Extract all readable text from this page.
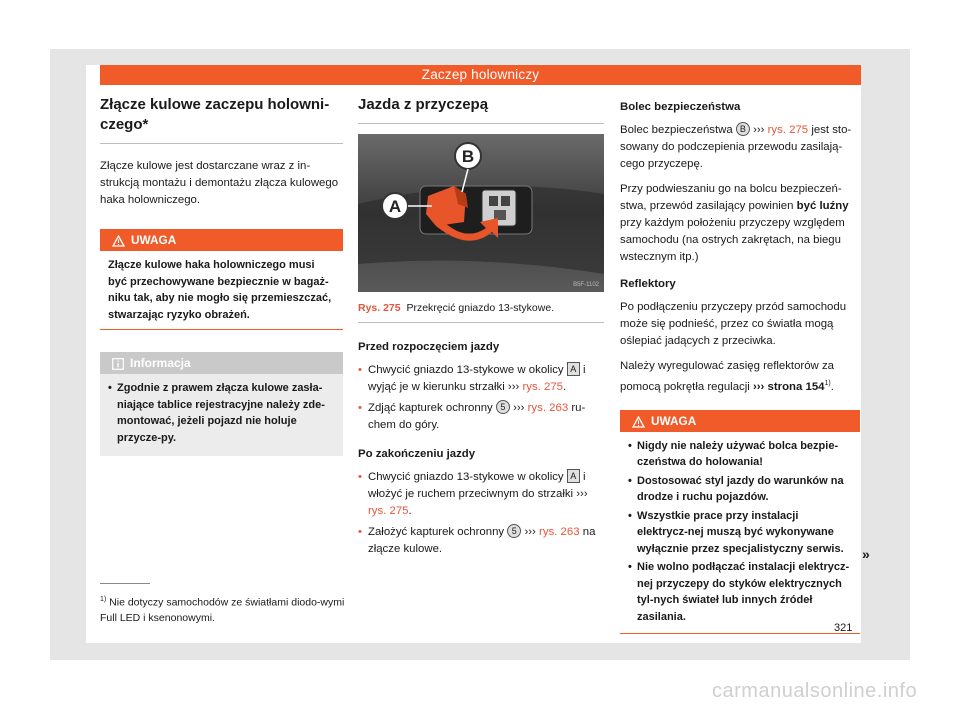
Zaczep holowniczy
Złącze kulowe zaczepu holowni-czego*

Złącze kulowe jest dostarczane wraz z in-strukcją montażu i demontażu złącza kulowego haka holowniczego.

UWAGA
Złącze kulowe haka holowniczego musi być przechowywane bezpiecznie w bagaż-niku tak, aby nie mogło się przemieszczać, stwarzając ryzyko obrażeń.
Informacja
• Zgodnie z prawem złącza kulowe zasła-niające tablice rejestracyjne należy zde-montować, jeżeli pojazd nie holuje przycze-py.
Jazda z przyczepą
B
A
B5F-1102
Rys. 275 Przekręcić gniazdo 13-stykowe.
Przed rozpoczęciem jazdy
• Chwycić gniazdo 13-stykowe w okolicy A i wyjąć je w kierunku strzałki ››› rys. 275.
• Zdjąć kapturek ochronny 5 ››› rys. 263 ru-chem do góry.
Po zakończeniu jazdy
• Chwycić gniazdo 13-stykowe w okolicy A i włożyć je ruchem przeciwnym do strzałki ››› rys. 275.
• Założyć kapturek ochronny 5 ››› rys. 263 na złącze kulowe.
Bolec bezpieczeństwa

Bolec bezpieczeństwa B ››› rys. 275 jest sto-sowany do podczepienia przewodu zasilają-cego przyczepę.

Przy podwieszaniu go na bolcu bezpieczeń-stwa, przewód zasilający powinien być luźny przy każdym położeniu przyczepy względem samochodu (na ostrych zakrętach, na biegu wstecznym itp.)

Reflektory

Po podłączeniu przyczepy przód samochodu może się podnieść, przez co światła mogą oślepiać jadących z przeciwka.

Należy wyregulować zasięg reflektorów za pomocą pokrętła regulacji ››› strona 154$^{1)}$.

UWAGA
• Nigdy nie należy używać bolca bezpie-czeństwa do holowania!
• Dostosować styl jazdy do warunków na drodze i ruchu pojazdów.
• Wszystkie prace przy instalacji elektrycz-nej muszą być wykonywane wyłącznie przez specjalistyczny serwis.
• Nie wolno podłączać instalacji elektrycz-nej przyczepy do styków elektrycznych tyl-nych świateł lub innych źródeł zasilania.
»
$^{1)}$ Nie dotyczy samochodów ze światłami diodo-wymi Full LED i ksenonowymi.
321
carmanualsonline.info
